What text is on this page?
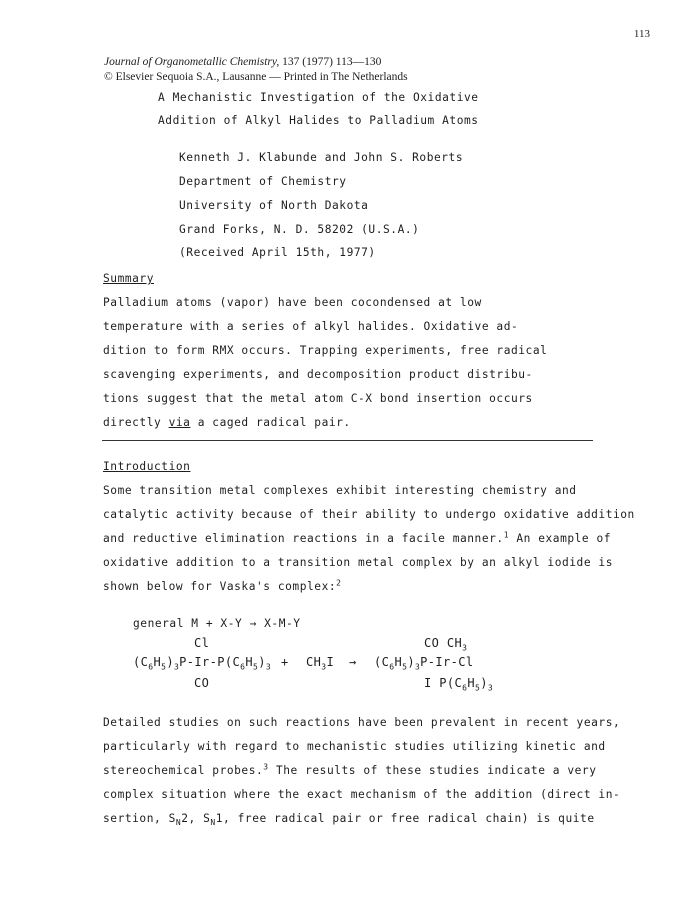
113
Journal of Organometallic Chemistry, 137 (1977) 113—130
© Elsevier Sequoia S.A., Lausanne — Printed in The Netherlands
A Mechanistic Investigation of the Oxidative
Addition of Alkyl Halides to Palladium Atoms
Kenneth J. Klabunde and John S. Roberts
Department of Chemistry
University of North Dakota
Grand Forks, N. D. 58202 (U.S.A.)
(Received April 15th, 1977)
Summary
Palladium atoms (vapor) have been cocondensed at low
temperature with a series of alkyl halides. Oxidative ad-
dition to form RMX occurs. Trapping experiments, free radical
scavenging experiments, and decomposition product distribu-
tions suggest that the metal atom C-X bond insertion occurs
directly via a caged radical pair.
Introduction
Some transition metal complexes exhibit interesting chemistry and
catalytic activity because of their ability to undergo oxidative addition
and reductive elimination reactions in a facile manner.$^1$ An example of
oxidative addition to a transition metal complex by an alkyl iodide is
shown below for Vaska's complex:$^2$
general M + X-Y → X-M-Y
Cl
$(C_6H_5)_3P-Ir-P(C_6H_5)_3$
CO
+ $CH_3I$ →
CO $CH_3$
$(C_6H_5)_3P-Ir-Cl$
I $P(C_6H_5)_3$
Detailed studies on such reactions have been prevalent in recent years,
particularly with regard to mechanistic studies utilizing kinetic and
stereochemical probes.$^3$ The results of these studies indicate a very
complex situation where the exact mechanism of the addition (direct in-
sertion, $S_N2$, $S_N1$, free radical pair or free radical chain) is quite
